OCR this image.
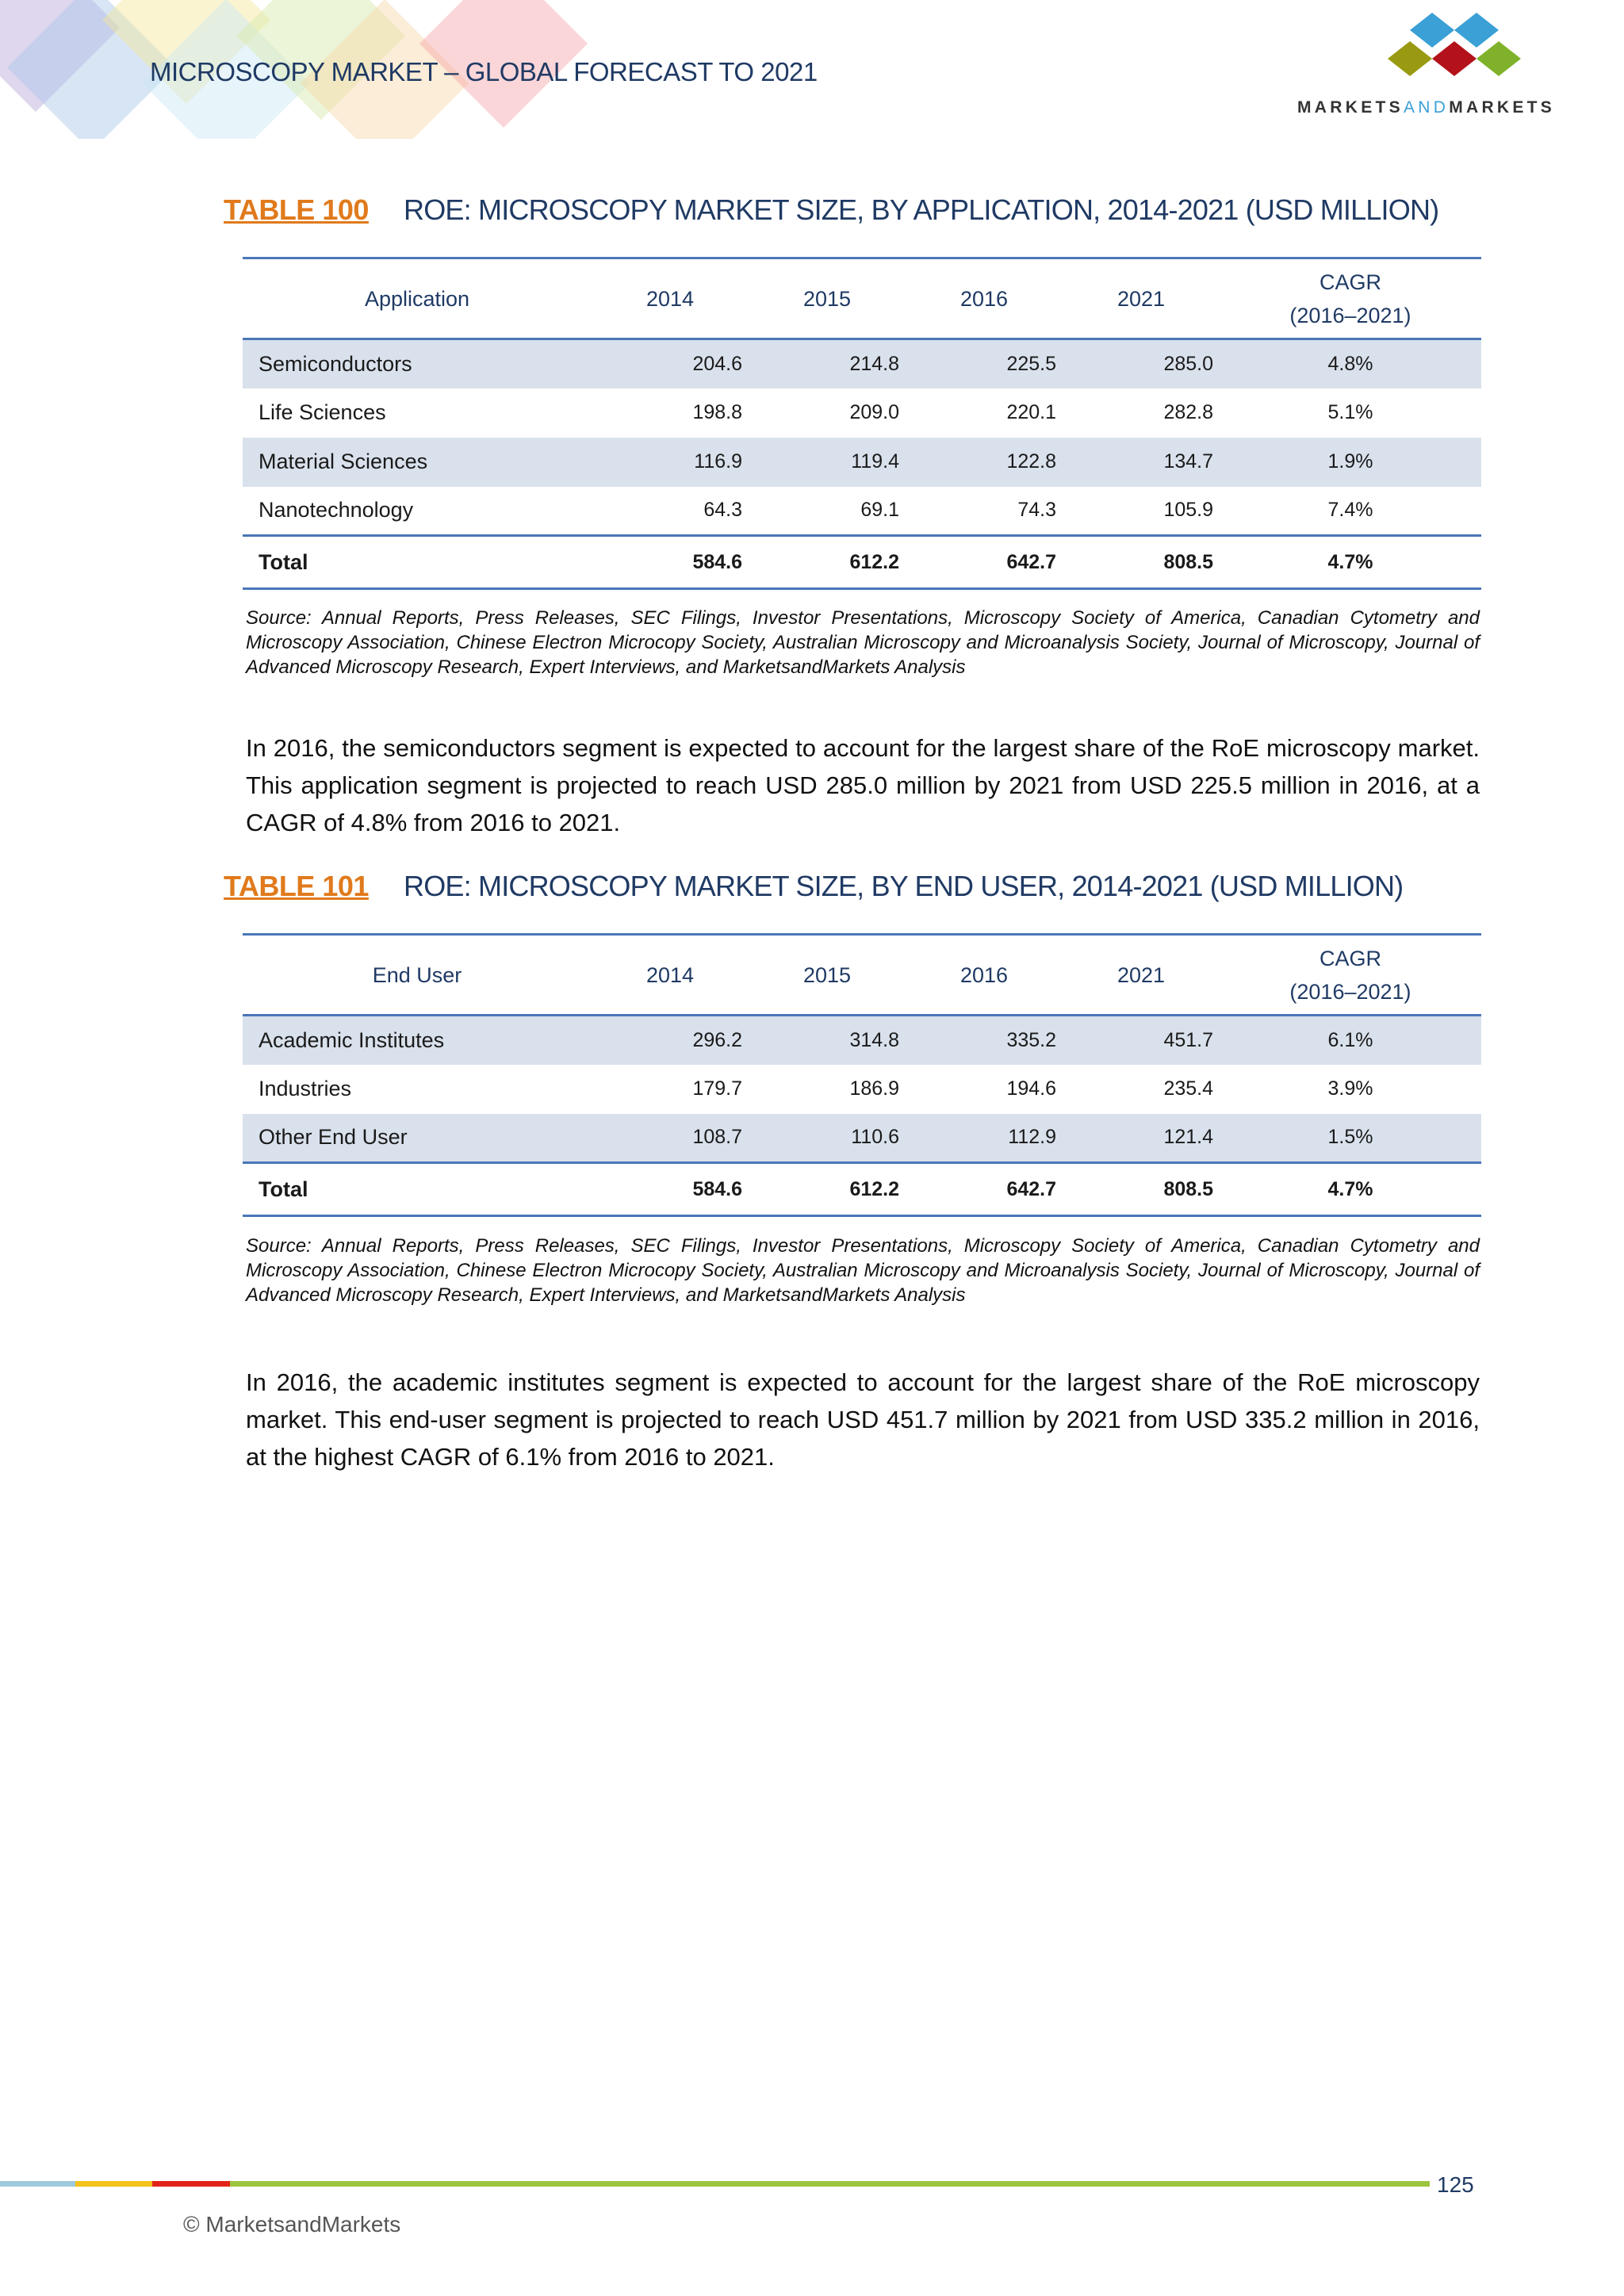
MICROSCOPY MARKET – GLOBAL FORECAST TO 2021
MARKETSANDMARKETS
TABLE 100	ROE: MICROSCOPY MARKET SIZE, BY APPLICATION, 2014-2021 (USD MILLION)
Application	2014	2015	2016	2021	CAGR
(2016–2021)
Semiconductors	204.6	214.8	225.5	285.0	4.8%
Life Sciences	198.8	209.0	220.1	282.8	5.1%
Material Sciences	116.9	119.4	122.8	134.7	1.9%
Nanotechnology	64.3	69.1	74.3	105.9	7.4%
Total	584.6	612.2	642.7	808.5	4.7%
Source: Annual Reports, Press Releases, SEC Filings, Investor Presentations, Microscopy Society of America, Canadian Cytometry and Microscopy Association, Chinese Electron Microcopy Society, Australian Microscopy and Microanalysis Society, Journal of Microscopy, Journal of Advanced Microscopy Research, Expert Interviews, and MarketsandMarkets Analysis
In 2016, the semiconductors segment is expected to account for the largest share of the RoE microscopy market. This application segment is projected to reach USD 285.0 million by 2021 from USD 225.5 million in 2016, at a CAGR of 4.8% from 2016 to 2021.
TABLE 101	ROE: MICROSCOPY MARKET SIZE, BY END USER, 2014-2021 (USD MILLION)
End User	2014	2015	2016	2021	CAGR
(2016–2021)
Academic Institutes	296.2	314.8	335.2	451.7	6.1%
Industries	179.7	186.9	194.6	235.4	3.9%
Other End User	108.7	110.6	112.9	121.4	1.5%
Total	584.6	612.2	642.7	808.5	4.7%
Source: Annual Reports, Press Releases, SEC Filings, Investor Presentations, Microscopy Society of America, Canadian Cytometry and Microscopy Association, Chinese Electron Microcopy Society, Australian Microscopy and Microanalysis Society, Journal of Microscopy, Journal of Advanced Microscopy Research, Expert Interviews, and MarketsandMarkets Analysis
In 2016, the academic institutes segment is expected to account for the largest share of the RoE microscopy market. This end-user segment is projected to reach USD 451.7 million by 2021 from USD 335.2 million in 2016, at the highest CAGR of 6.1% from 2016 to 2021.
125
© MarketsandMarkets
